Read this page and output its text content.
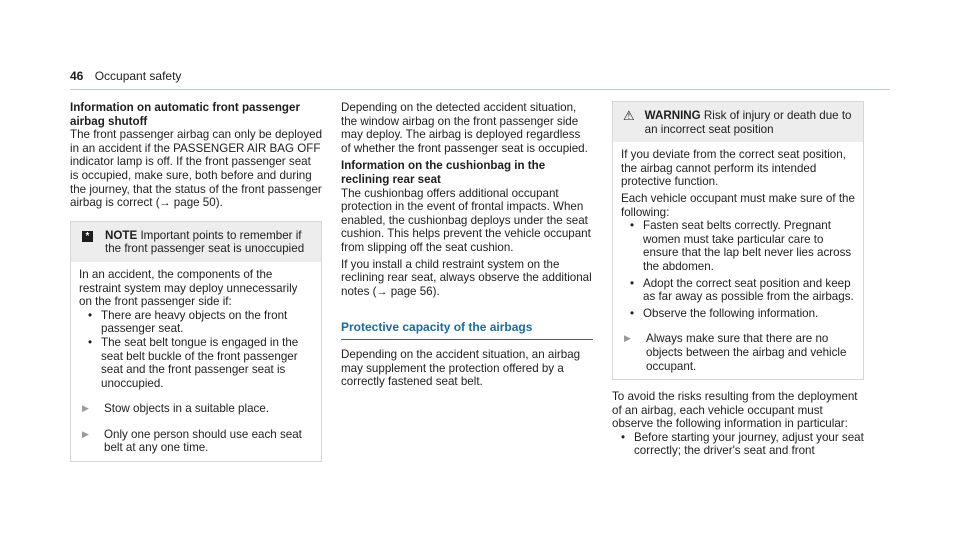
46 Occupant safety

Information on automatic front passenger airbag shutoff

The front passenger airbag can only be deployed in an accident if the PASSENGER AIR BAG OFF indicator lamp is off. If the front passenger seat is occupied, make sure, both before and during the journey, that the status of the front passenger airbag is correct (→ page 50).

*	NOTE Important points to remember if the front passenger seat is unoccupied

In an accident, the components of the restraint system may deploy unnecessarily on the front passenger side if:

• There are heavy objects on the front passenger seat.
• The seat belt tongue is engaged in the seat belt buckle of the front passenger seat and the front passenger seat is unoccupied.
▶	Stow objects in a suitable place.
▶	Only one person should use each seat belt at any one time.

Depending on the detected accident situation, the window airbag on the front passenger side may deploy. The airbag is deployed regardless of whether the front passenger seat is occupied.

Information on the cushionbag in the reclining rear seat

The cushionbag offers additional occupant protection in the event of frontal impacts. When enabled, the cushionbag deploys under the seat cushion. This helps prevent the vehicle occupant from slipping off the seat cushion.

If you install a child restraint system on the reclining rear seat, always observe the additional notes (→ page 56).

Protective capacity of the airbags

Depending on the accident situation, an airbag may supplement the protection offered by a correctly fastened seat belt.

⚠ WARNING Risk of injury or death due to an incorrect seat position

If you deviate from the correct seat position, the airbag cannot perform its intended protective function.

Each vehicle occupant must make sure of the following:

• Fasten seat belts correctly. Pregnant women must take particular care to ensure that the lap belt never lies across the abdomen.
• Adopt the correct seat position and keep as far away as possible from the airbags.
• Observe the following information.
▶	Always make sure that there are no objects between the airbag and vehicle occupant.

To avoid the risks resulting from the deployment of an airbag, each vehicle occupant must observe the following information in particular:

• Before starting your journey, adjust your seat correctly; the driver's seat and front
